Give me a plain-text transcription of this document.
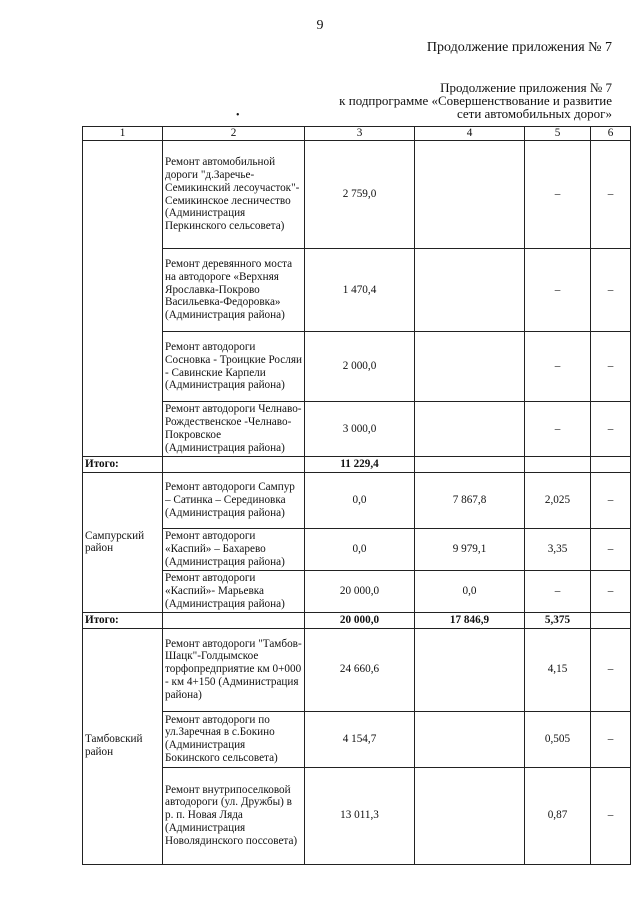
9
Продолжение приложения № 7
Продолжение приложения № 7
к подпрограмме «Совершенствование и развитие
сети автомобильных дорог»
•
1	2	3	4	5	6
	Ремонт автомобильной дороги "д.Заречье-Семикинский лесоучасток"-Семикинское лесничество (Администрация Перкинского сельсовета)	2 759,0		–	–
	Ремонт деревянного моста на автодороге «Верхняя Ярославка-Покрово Васильевка-Федоровка» (Администрация района)	1 470,4		–	–
	Ремонт автодороги Сосновка - Троицкие Росляи - Савинские Карпели (Администрация района)	2 000,0		–	–
	Ремонт автодороги Челнаво- Рождественское -Челнаво-Покровское (Администрация района)	3 000,0		–	–
Итого:		11 229,4			
Сампурский район	Ремонт автодороги Сампур – Сатинка – Серединовка (Администрация района)	0,0	7 867,8	2,025	–
	Ремонт автодороги «Каспий» – Бахарево (Администрация района)	0,0	9 979,1	3,35	–
	Ремонт автодороги «Каспий»- Марьевка (Администрация района)	20 000,0	0,0	–	–
Итого:		20 000,0	17 846,9	5,375	
Тамбовский район	Ремонт автодороги "Тамбов-Шацк"-Голдымское торфопредприятие км 0+000 - км 4+150 (Администрация района)	24 660,6		4,15	–
	Ремонт автодороги по ул.Заречная в с.Бокино (Администрация Бокинского сельсовета)	4 154,7		0,505	–
	Ремонт внутрипоселковой автодороги (ул. Дружбы) в р. п. Новая Ляда (Администрация Новолядинского поссовета)	13 011,3		0,87	–
